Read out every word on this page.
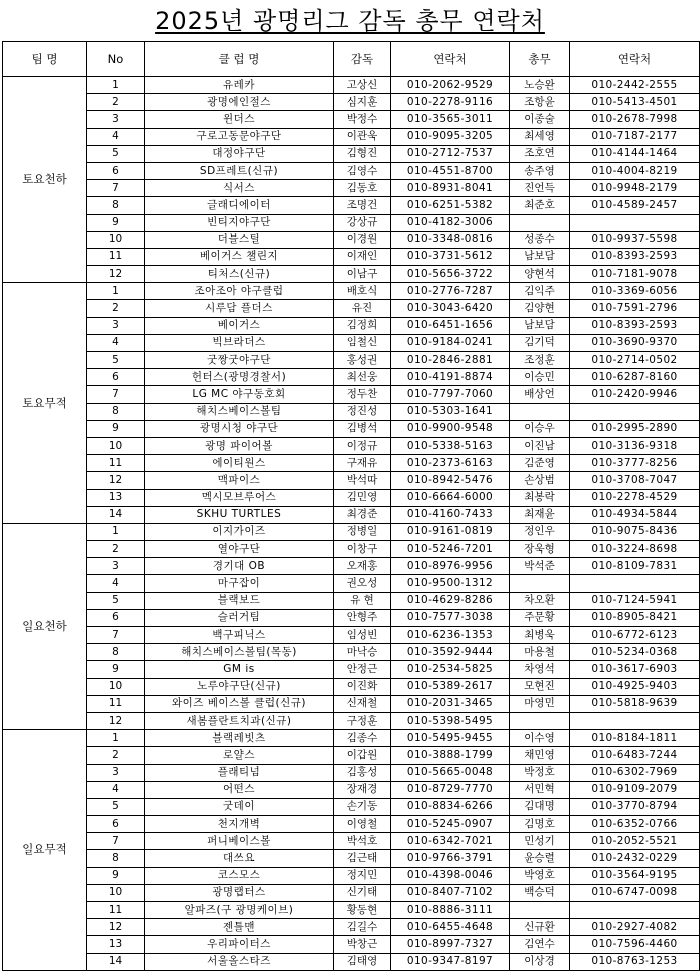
2025년 광명리그 감독 총무 연락처
팀 명	No	클 럽 명	감독	연락처	총무	연락처
토요천하	1	유레카	고상신	010-2062-9529	노승완	010-2442-2555
	2	광명에인절스	심지훈	010-2278-9116	조항윤	010-5413-4501
	3	윈더스	박정수	010-3565-3011	이종술	010-2678-7998
	4	구로고동문야구단	이관욱	010-9095-3205	최세영	010-7187-2177
	5	대정야구단	김형진	010-2712-7537	조호연	010-4144-1464
	6	SD프레트(신규)	김영수	010-4551-8700	송주영	010-4004-8219
	7	식서스	김동호	010-8931-8041	진언득	010-9948-2179
	8	글래디에이터	조명건	010-6251-5382	최준호	010-4589-2457
	9	빈티지야구단	강상규	010-4182-3006		
	10	더블스틸	이경원	010-3348-0816	성종수	010-9937-5598
	11	베이거스 챌린지	이재인	010-3731-5612	남보담	010-8393-2593
	12	티처스(신규)	이남구	010-5656-3722	양현석	010-7181-9078
토요무적	1	조아조아 야구클럽	배호식	010-2776-7287	김익주	010-3369-6056
	2	시루담 플더스	유진	010-3043-6420	김양현	010-7591-2796
	3	베이거스	김정희	010-6451-1656	남보담	010-8393-2593
	4	빅브라더스	임철신	010-9184-0241	김기덕	010-3690-9370
	5	굿짱굿야구단	홍성권	010-2846-2881	조정훈	010-2714-0502
	6	헌터스(광명경찰서)	최선웅	010-4191-8874	이승민	010-6287-8160
	7	LG MC 야구동호회	정두찬	010-7797-7060	배상언	010-2420-9946
	8	해치스베이스볼팀	정진성	010-5303-1641		
	9	광명시청 야구단	김병석	010-9900-9548	이승우	010-2995-2890
	10	광명 파이어볼	이정규	010-5338-5163	이진남	010-3136-9318
	11	에이티원스	구재유	010-2373-6163	김준영	010-3777-8256
	12	맥파이스	박석따	010-8942-5476	손상범	010-3708-7047
	13	멕시모브루어스	김민영	010-6664-6000	최봉락	010-2278-4529
	14	SKHU TURTLES	최경준	010-4160-7433	최재윤	010-4934-5844
일요천하	1	이지가이즈	정병일	010-9161-0819	정인우	010-9075-8436
	2	열야구단	이창구	010-5246-7201	장욱형	010-3224-8698
	3	경기대 OB	오재홍	010-8976-9956	박석준	010-8109-7831
	4	마구잡이	권오성	010-9500-1312		
	5	블랙보드	유 현	010-4629-8286	차오환	010-7124-5941
	6	슬러거팀	안형주	010-7577-3038	주문황	010-8905-8421
	7	백구피닉스	임성빈	010-6236-1353	최병욱	010-6772-6123
	8	해치스베이스볼팀(목동)	마낙승	010-3592-9444	마용철	010-5234-0368
	9	GM is	안정근	010-2534-5825	차영석	010-3617-6903
	10	노루야구단(신규)	이진화	010-5389-2617	모현진	010-4925-9403
	11	와이즈 베이스볼 클럽(신규)	신재철	010-2031-3465	마영민	010-5818-9639
	12	새봄플란트치과(신규)	구정훈	010-5398-5495		
일요무적	1	블랙레빗츠	김종수	010-5495-9455	이수영	010-8184-1811
	2	로얄스	이갑원	010-3888-1799	채민영	010-6483-7244
	3	플래티넘	김홍성	010-5665-0048	박정호	010-6302-7969
	4	어떤스	장재경	010-8729-7770	서민혁	010-9109-2079
	5	굿데이	손기동	010-8834-6266	김대명	010-3770-8794
	6	천지개벽	이영철	010-5245-0907	김명호	010-6352-0766
	7	퍼니베이스볼	박석호	010-6342-7021	민성기	010-2052-5521
	8	대쓰요	김근태	010-9766-3791	윤승렬	010-2432-0229
	9	코스모스	정지민	010-4398-0046	박영호	010-3564-9195
	10	광명랩터스	신기태	010-8407-7102	백승덕	010-6747-0098
	11	알파즈(구 광명케이브)	황동현	010-8886-3111		
	12	젠틀맨	김길수	010-6455-4648	신규환	010-2927-4082
	13	우리파이터스	박창근	010-8997-7327	김연수	010-7596-4460
	14	서울올스타즈	김태영	010-9347-8197	이상경	010-8763-1253
